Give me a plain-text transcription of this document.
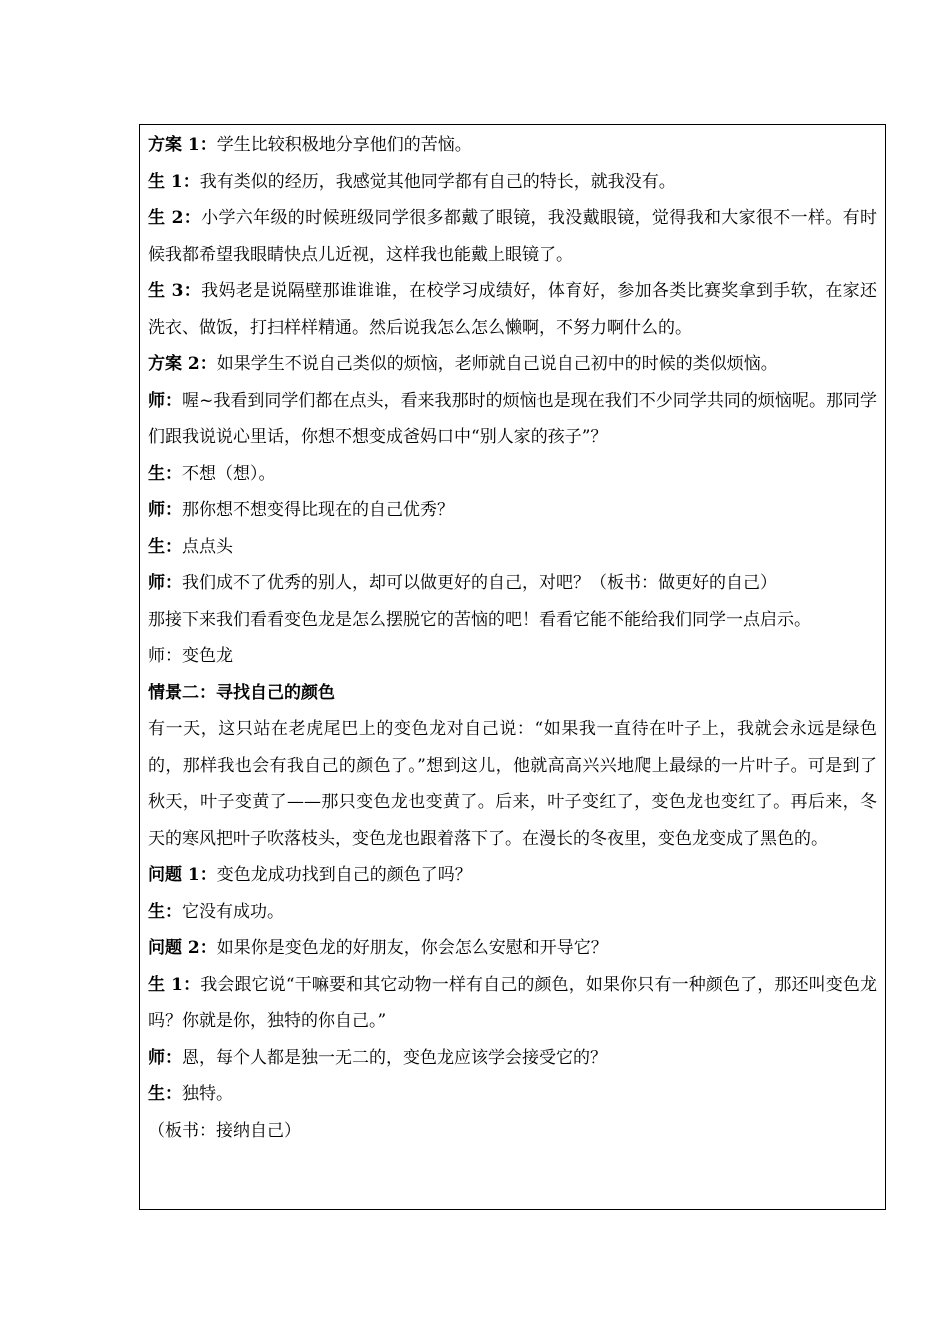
方案 1：学生比较积极地分享他们的苦恼。

生 1：我有类似的经历，我感觉其他同学都有自己的特长，就我没有。

生 2：小学六年级的时候班级同学很多都戴了眼镜，我没戴眼镜，觉得我和大家很不一样。有时候我都希望我眼睛快点儿近视，这样我也能戴上眼镜了。

生 3：我妈老是说隔壁那谁谁谁，在校学习成绩好，体育好，参加各类比赛奖拿到手软，在家还洗衣、做饭，打扫样样精通。然后说我怎么怎么懒啊，不努力啊什么的。

方案 2：如果学生不说自己类似的烦恼，老师就自己说自己初中的时候的类似烦恼。

师：喔~我看到同学们都在点头，看来我那时的烦恼也是现在我们不少同学共同的烦恼呢。那同学们跟我说说心里话，你想不想变成爸妈口中“别人家的孩子”？

生：不想（想）。

师：那你想不想变得比现在的自己优秀？

生：点点头

师：我们成不了优秀的别人，却可以做更好的自己，对吧？（板书：做更好的自己）

那接下来我们看看变色龙是怎么摆脱它的苦恼的吧！看看它能不能给我们同学一点启示。

师：变色龙

情景二：寻找自己的颜色

有一天，这只站在老虎尾巴上的变色龙对自己说：“如果我一直待在叶子上，我就会永远是绿色的，那样我也会有我自己的颜色了。”想到这儿，他就高高兴兴地爬上最绿的一片叶子。可是到了秋天，叶子变黄了——那只变色龙也变黄了。后来，叶子变红了，变色龙也变红了。再后来，冬天的寒风把叶子吹落枝头，变色龙也跟着落下了。在漫长的冬夜里，变色龙变成了黑色的。

问题 1：变色龙成功找到自己的颜色了吗？

生：它没有成功。

问题 2：如果你是变色龙的好朋友，你会怎么安慰和开导它？

生 1：我会跟它说“干嘛要和其它动物一样有自己的颜色，如果你只有一种颜色了，那还叫变色龙吗？你就是你，独特的你自己。”

师：恩，每个人都是独一无二的，变色龙应该学会接受它的？

生：独特。

（板书：接纳自己）
